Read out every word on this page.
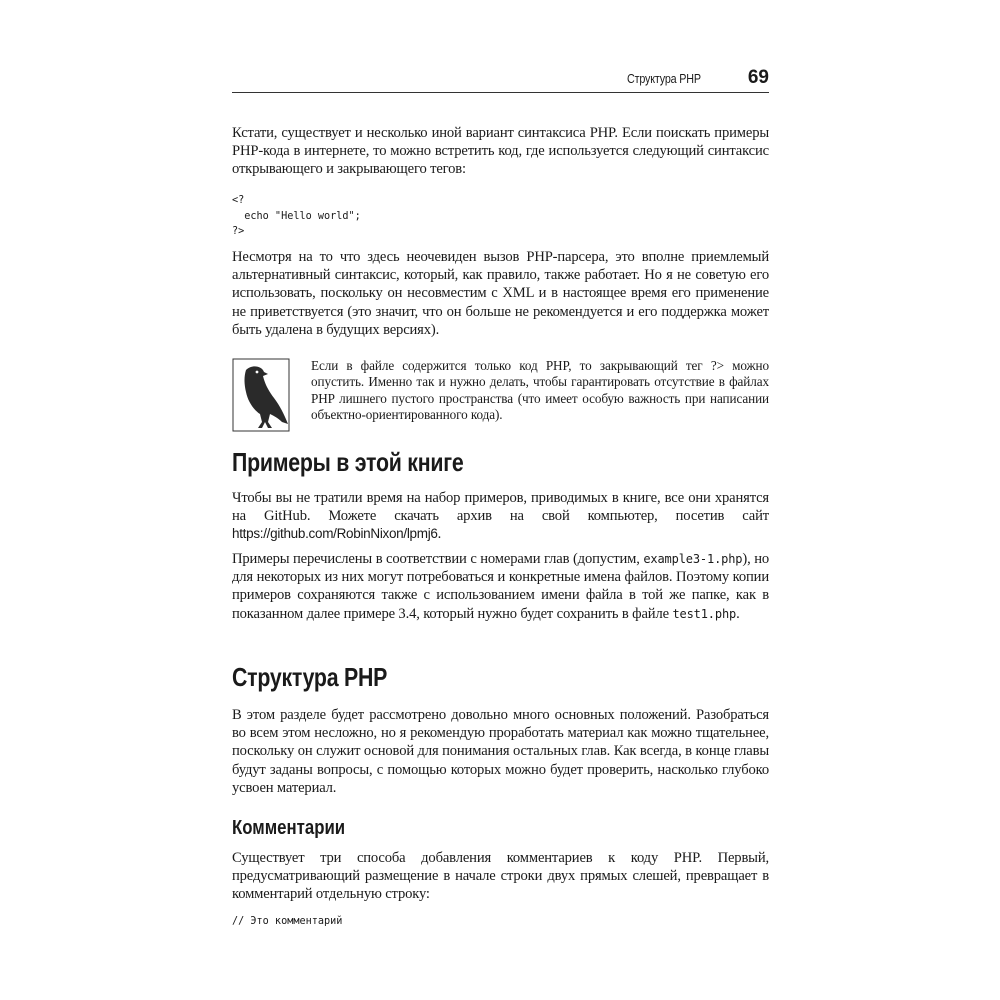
Структура PHP 69

Кстати, существует и несколько иной вариант синтаксиса PHP. Если поискать примеры PHP-кода в интернете, то можно встретить код, где используется следующий синтаксис открывающего и закрывающего тегов:

<?
echo "Hello world";
?>

Несмотря на то что здесь неочевиден вызов PHP-парсера, это вполне приемлемый альтернативный синтаксис, который, как правило, также работает. Но я не советую его использовать, поскольку он несовместим с XML и в настоящее время его применение не приветствуется (это значит, что он больше не рекомендуется и его поддержка может быть удалена в будущих версиях).

Если в файле содержится только код PHP, то закрывающий тег ?> можно опустить. Именно так и нужно делать, чтобы гарантировать отсутствие в файлах PHP лишнего пустого пространства (что имеет особую важность при написании объектно-ориентированного кода).

Примеры в этой книге

Чтобы вы не тратили время на набор примеров, приводимых в книге, все они хранятся на GitHub. Можете скачать архив на свой компьютер, посетив сайт https://github.com/RobinNixon/lpmj6.

Примеры перечислены в соответствии с номерами глав (допустим, example3-1.php), но для некоторых из них могут потребоваться и конкретные имена файлов. Поэтому копии примеров сохраняются также с использованием имени файла в той же папке, как в показанном далее примере 3.4, который нужно будет сохранить в файле test1.php.

Структура PHP

В этом разделе будет рассмотрено довольно много основных положений. Разобраться во всем этом несложно, но я рекомендую проработать материал как можно тщательнее, поскольку он служит основой для понимания остальных глав. Как всегда, в конце главы будут заданы вопросы, с помощью которых можно будет проверить, насколько глубоко усвоен материал.

Комментарии

Существует три способа добавления комментариев к коду PHP. Первый, предусматривающий размещение в начале строки двух прямых слешей, превращает в комментарий отдельную строку:

// Это комментарий
